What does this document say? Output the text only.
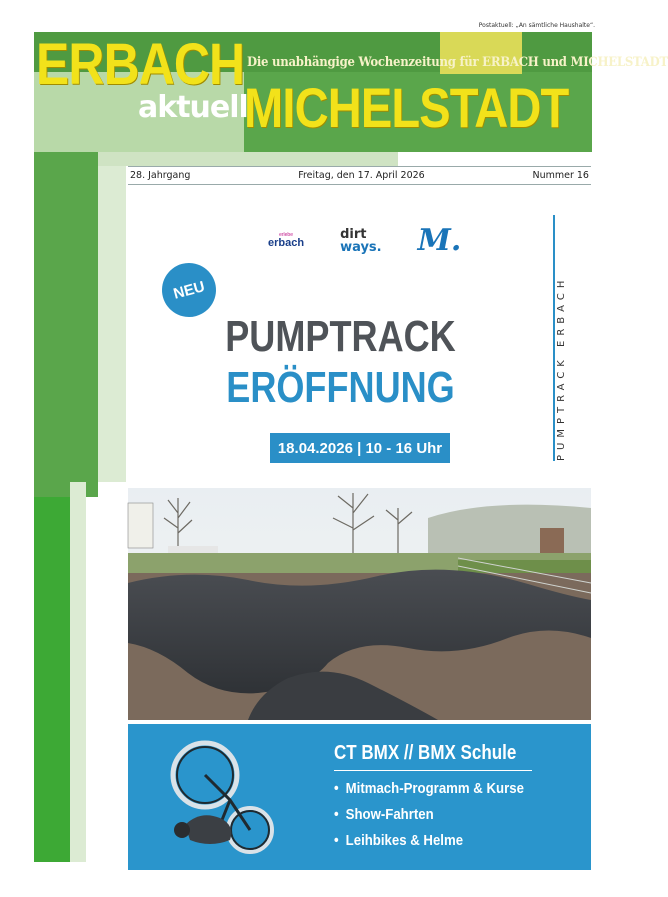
Postaktuell: „An sämtliche Haushalte“.
Die unabhängige Wochenzeitung für ERBACH und MICHELSTADT
ERBACH
aktuell
MICHELSTADT
28. Jahrgang	Freitag, den 17. April 2026	Nummer 16
erlebe
erbach
dirt
ways. M.
NEU
PUMPTRACK
ERÖFFNUNG
18.04.2026 | 10 - 16 Uhr	PUMPTRACK ERBACH
CT BMX // BMX Schule
• Mitmach-Programm & Kurse
• Show-Fahrten
• Leihbikes & Helme
